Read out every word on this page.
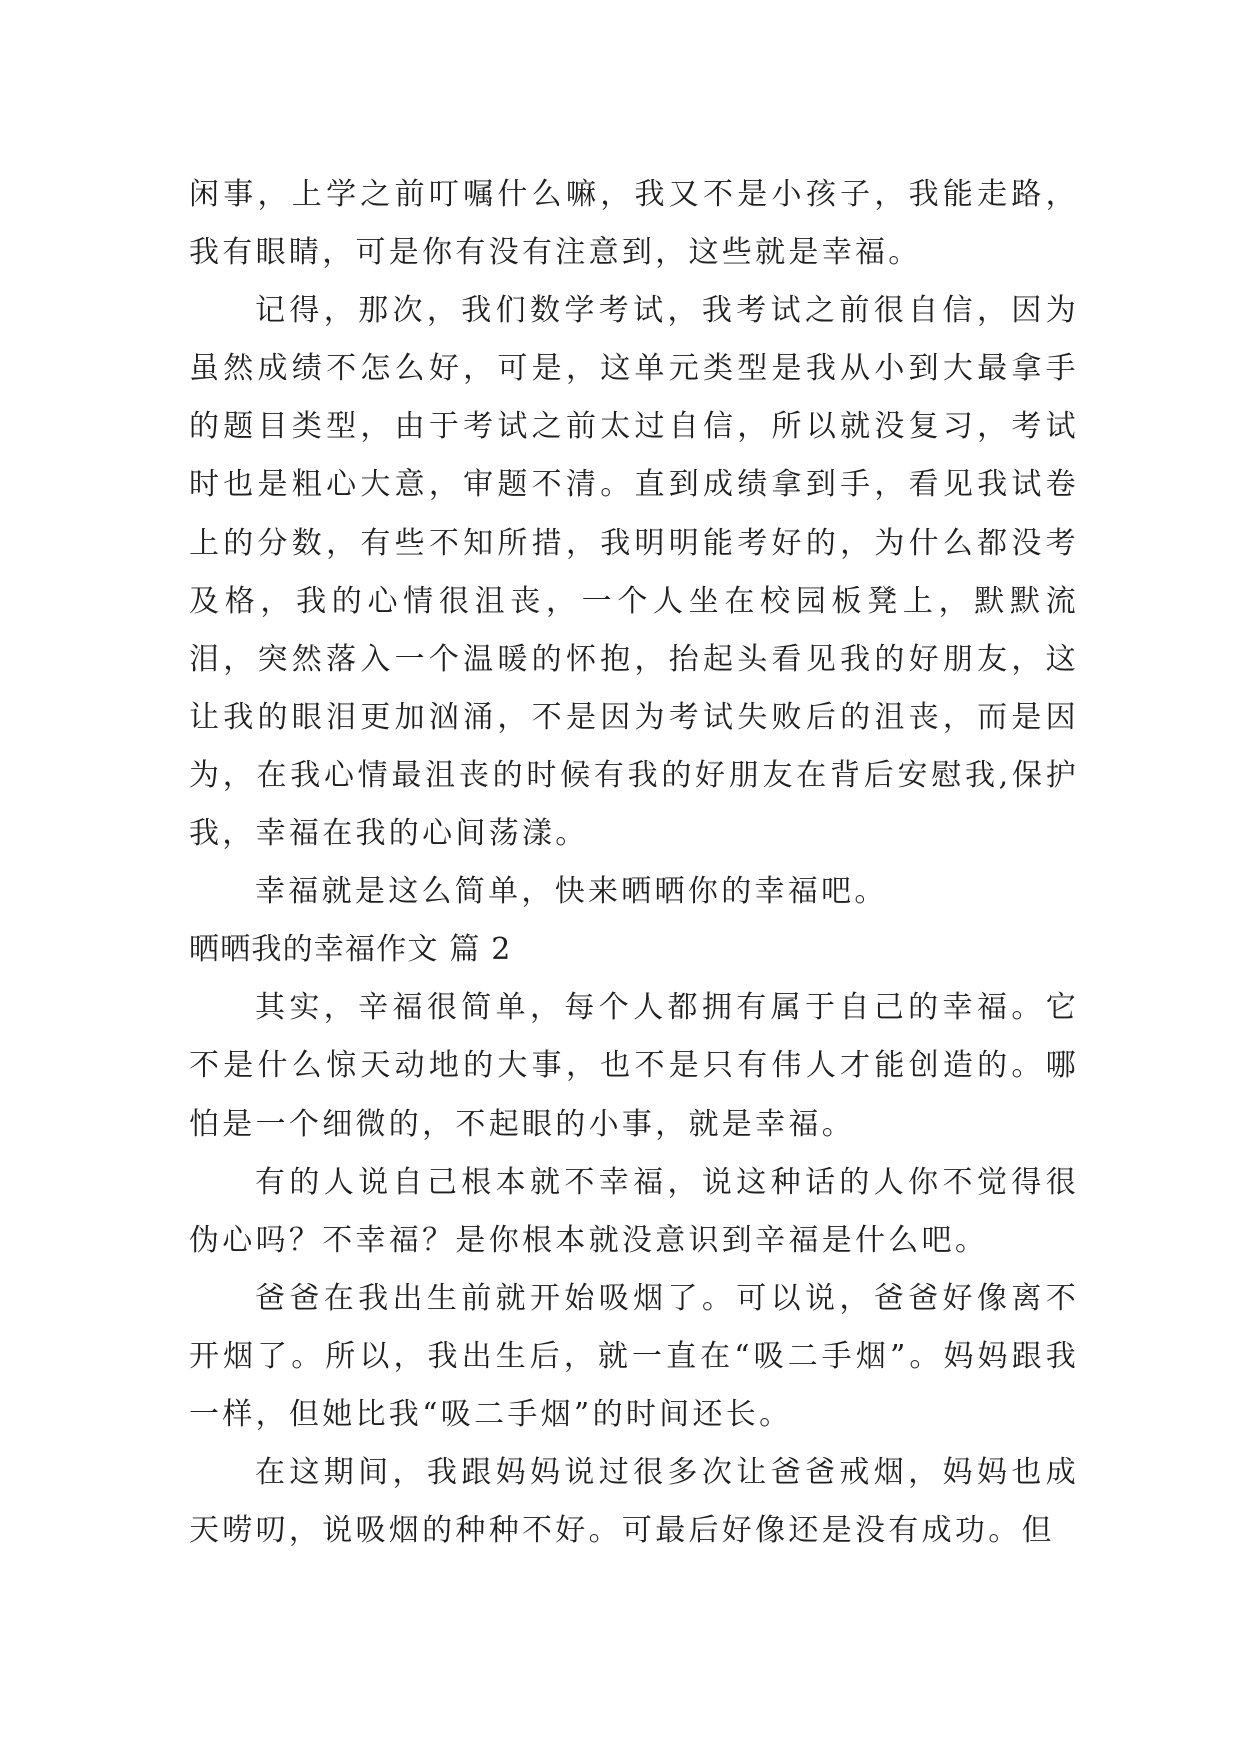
闲事，上学之前叮嘱什么嘛，我又不是小孩子，我能走路，我有眼睛，可是你有没有注意到，这些就是幸福。

记得，那次，我们数学考试，我考试之前很自信，因为虽然成绩不怎么好，可是，这单元类型是我从小到大最拿手的题目类型，由于考试之前太过自信，所以就没复习，考试时也是粗心大意，审题不清。直到成绩拿到手，看见我试卷上的分数，有些不知所措，我明明能考好的，为什么都没考及格，我的心情很沮丧，一个人坐在校园板凳上，默默流泪，突然落入一个温暖的怀抱，抬起头看见我的好朋友，这让我的眼泪更加汹涌，不是因为考试失败后的沮丧，而是因为，在我心情最沮丧的时候有我的好朋友在背后安慰我,保护我，幸福在我的心间荡漾。

幸福就是这么简单，快来晒晒你的幸福吧。

晒晒我的幸福作文 篇 2

其实，辛福很简单，每个人都拥有属于自己的幸福。它不是什么惊天动地的大事，也不是只有伟人才能创造的。哪怕是一个细微的，不起眼的小事，就是幸福。

有的人说自己根本就不幸福，说这种话的人你不觉得很伪心吗？不幸福？是你根本就没意识到辛福是什么吧。

爸爸在我出生前就开始吸烟了。可以说，爸爸好像离不开烟了。所以，我出生后，就一直在“吸二手烟”。妈妈跟我一样，但她比我“吸二手烟”的时间还长。

在这期间，我跟妈妈说过很多次让爸爸戒烟，妈妈也成天唠叨，说吸烟的种种不好。可最后好像还是没有成功。但
